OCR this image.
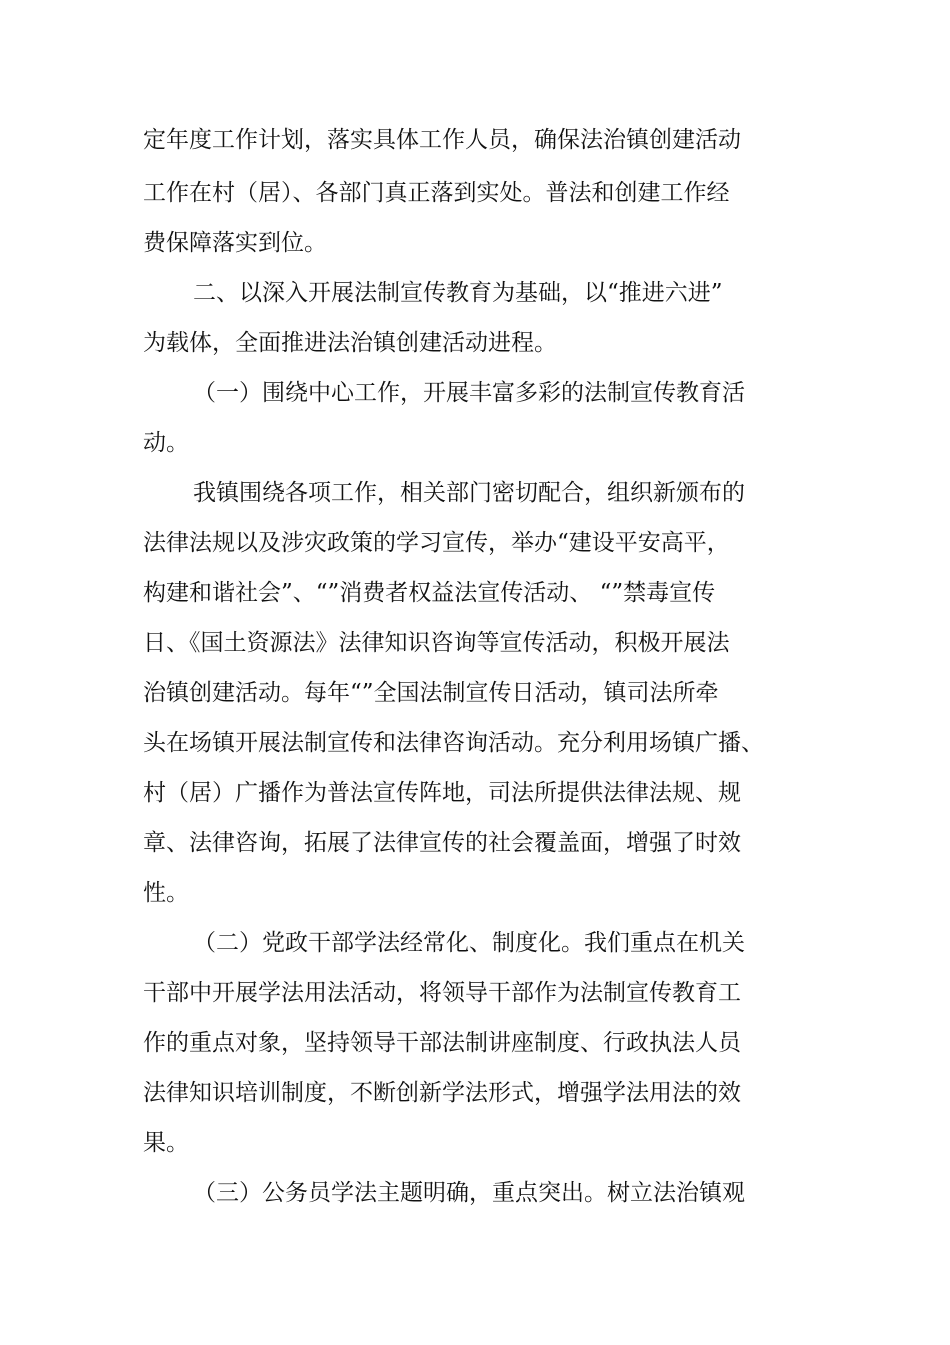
定年度工作计划，落实具体工作人员，确保法治镇创建活动
工作在村（居）、各部门真正落到实处。普法和创建工作经
费保障落实到位。
二、以深入开展法制宣传教育为基础，以“推进六进”
为载体，全面推进法治镇创建活动进程。
（一）围绕中心工作，开展丰富多彩的法制宣传教育活
动。
我镇围绕各项工作，相关部门密切配合，组织新颁布的
法律法规以及涉灾政策的学习宣传，举办“建设平安高平，
构建和谐社会”、“”消费者权益法宣传活动、 “”禁毒宣传
日、《国土资源法》法律知识咨询等宣传活动，积极开展法
治镇创建活动。每年“”全国法制宣传日活动，镇司法所牵
头在场镇开展法制宣传和法律咨询活动。充分利用场镇广播、
村（居）广播作为普法宣传阵地，司法所提供法律法规、规
章、法律咨询，拓展了法律宣传的社会覆盖面，增强了时效
性。
（二）党政干部学法经常化、制度化。我们重点在机关
干部中开展学法用法活动，将领导干部作为法制宣传教育工
作的重点对象，坚持领导干部法制讲座制度、行政执法人员
法律知识培训制度，不断创新学法形式，增强学法用法的效
果。
（三）公务员学法主题明确，重点突出。树立法治镇观
